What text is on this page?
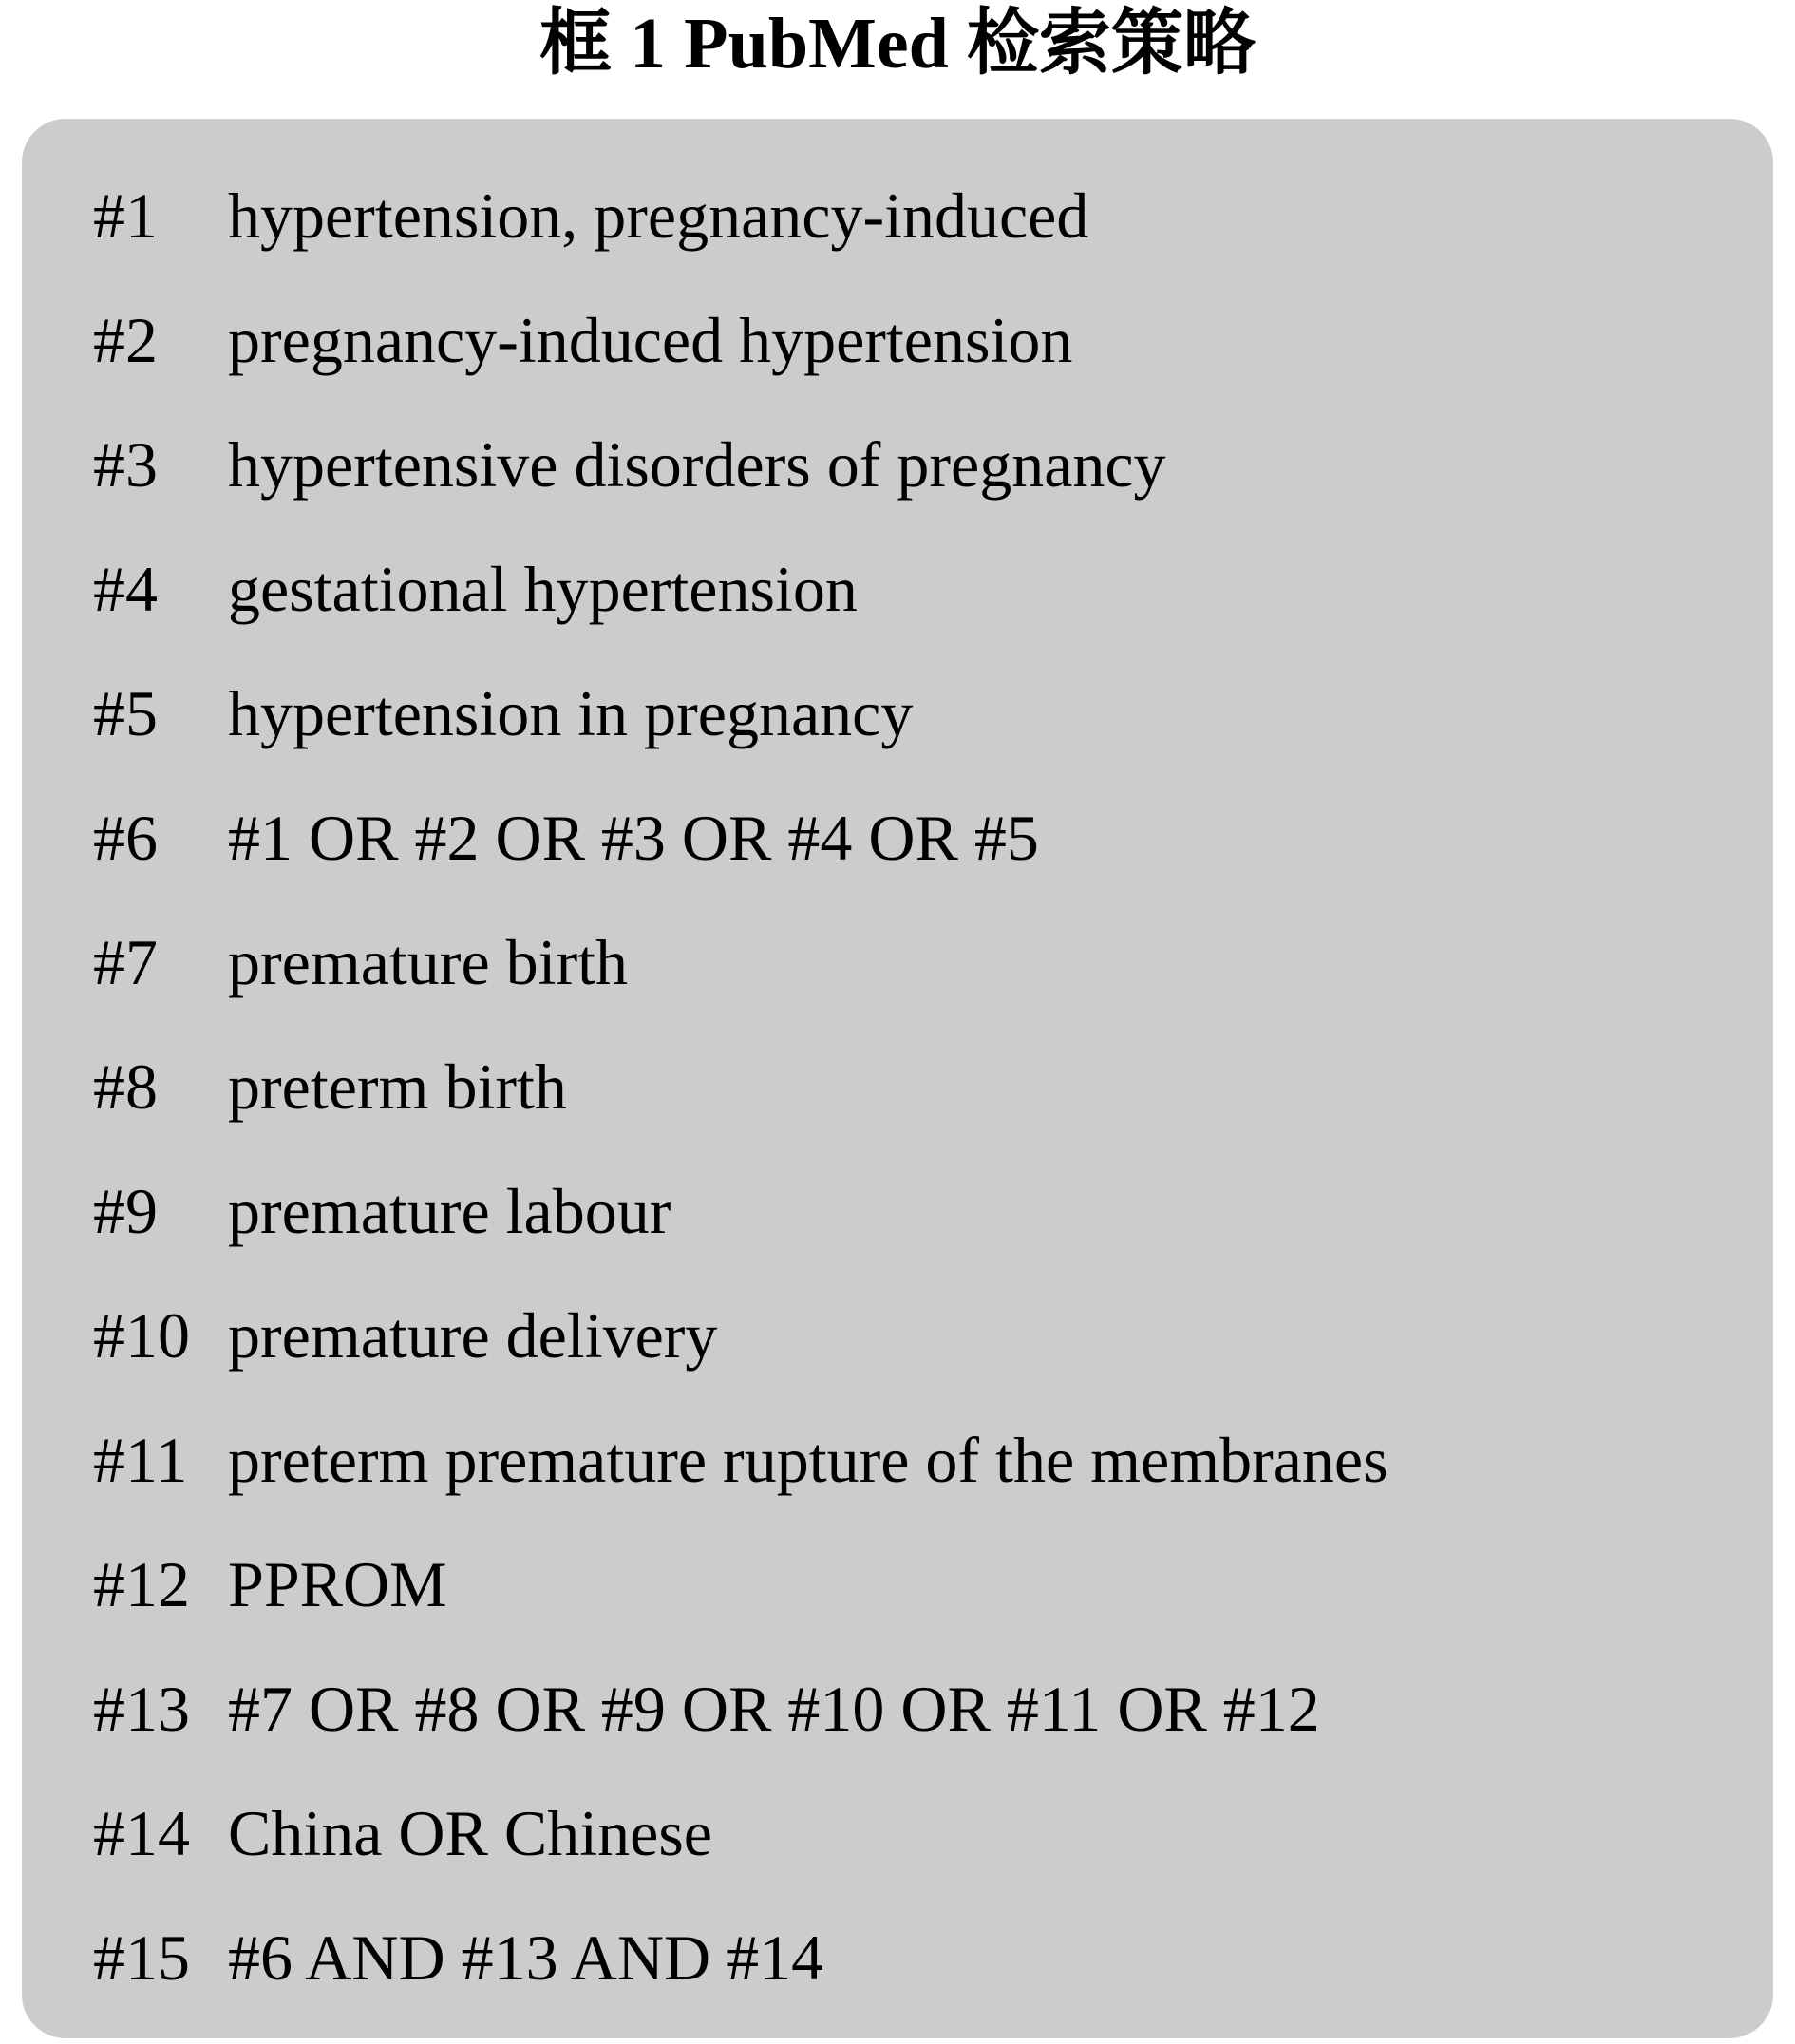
框 1 PubMed 检索策略
#1	hypertension, pregnancy-induced
#2	pregnancy-induced hypertension
#3	hypertensive disorders of pregnancy
#4	gestational hypertension
#5	hypertension in pregnancy
#6	#1 OR #2 OR #3 OR #4 OR #5
#7	premature birth
#8	preterm birth
#9	premature labour
#10 premature delivery
#11 preterm premature rupture of the membranes
#12 PPROM
#13 #7 OR #8 OR #9 OR #10 OR #11 OR #12
#14 China OR Chinese
#15 #6 AND #13 AND #14
